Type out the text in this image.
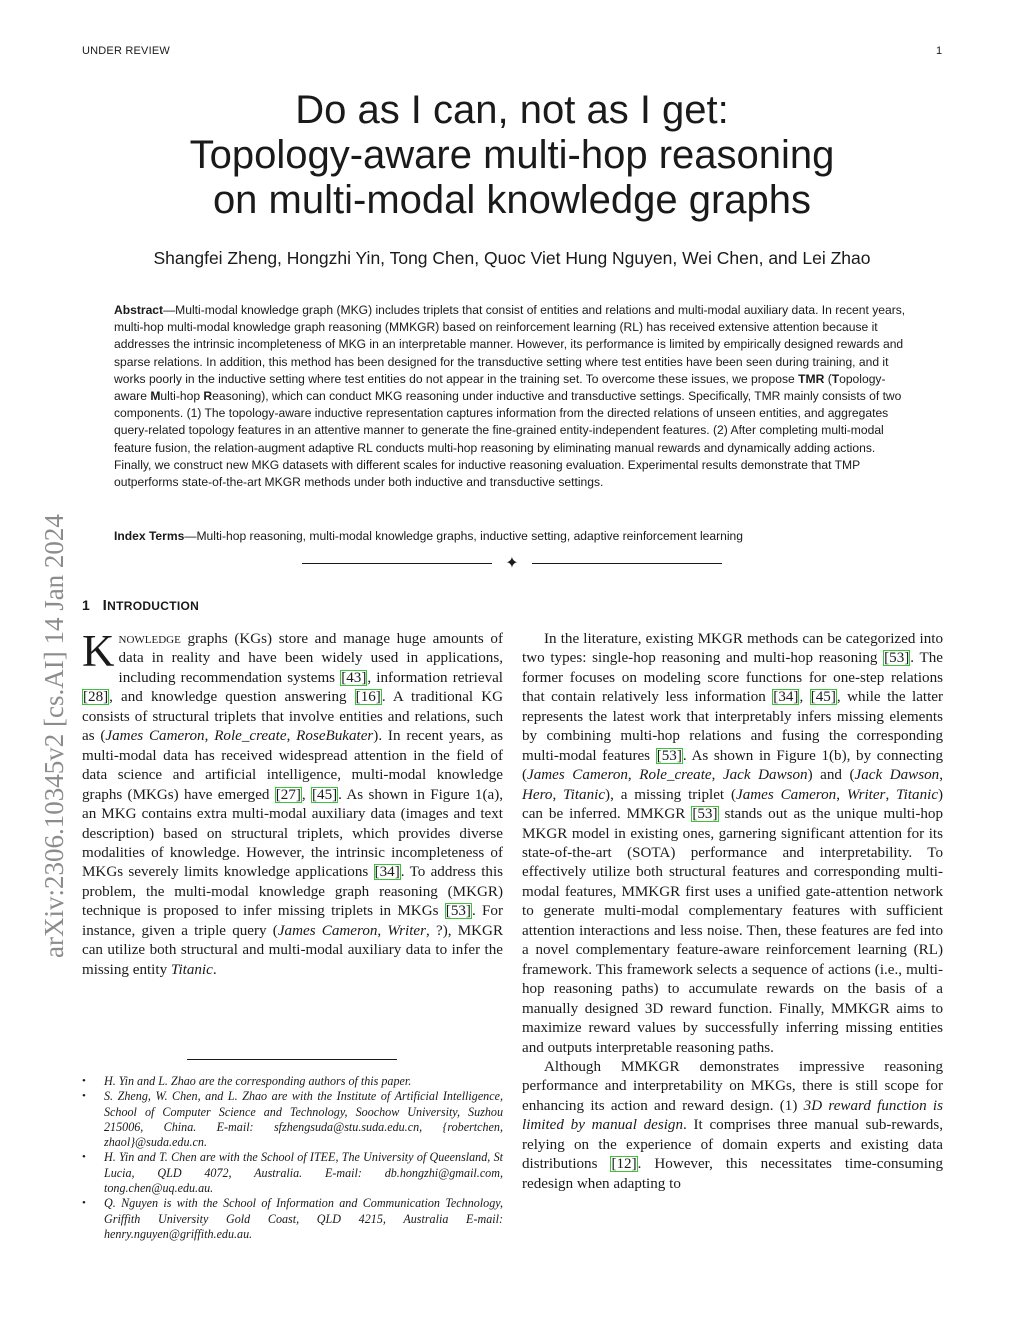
UNDER REVIEW	1
arXiv:2306.10345v2 [cs.AI] 14 Jan 2024
Do as I can, not as I get:
Topology-aware multi-hop reasoning
on multi-modal knowledge graphs
Shangfei Zheng, Hongzhi Yin, Tong Chen, Quoc Viet Hung Nguyen, Wei Chen, and Lei Zhao

Abstract—Multi-modal knowledge graph (MKG) includes triplets that consist of entities and relations and multi-modal auxiliary data. In recent years, multi-hop multi-modal knowledge graph reasoning (MMKGR) based on reinforcement learning (RL) has received extensive attention because it addresses the intrinsic incompleteness of MKG in an interpretable manner. However, its performance is limited by empirically designed rewards and sparse relations. In addition, this method has been designed for the transductive setting where test entities have been seen during training, and it works poorly in the inductive setting where test entities do not appear in the training set. To overcome these issues, we propose TMR (Topology-aware Multi-hop Reasoning), which can conduct MKG reasoning under inductive and transductive settings. Specifically, TMR mainly consists of two components. (1) The topology-aware inductive representation captures information from the directed relations of unseen entities, and aggregates query-related topology features in an attentive manner to generate the fine-grained entity-independent features. (2) After completing multi-modal feature fusion, the relation-augment adaptive RL conducts multi-hop reasoning by eliminating manual rewards and dynamically adding actions. Finally, we construct new MKG datasets with different scales for inductive reasoning evaluation. Experimental results demonstrate that TMP outperforms state-of-the-art MKGR methods under both inductive and transductive settings.

Index Terms—Multi-hop reasoning, multi-modal knowledge graphs, inductive setting, adaptive reinforcement learning

✦
1 INTRODUCTION

Knowledge graphs (KGs) store and manage huge amounts of data in reality and have been widely used in applications, including recommendation systems [43], information retrieval [28], and knowledge question answering [16]. A traditional KG consists of structural triplets that involve entities and relations, such as (James Cameron, Role_create, RoseBukater). In recent years, as multi-modal data has received widespread attention in the field of data science and artificial intelligence, multi-modal knowledge graphs (MKGs) have emerged [27], [45]. As shown in Figure 1(a), an MKG contains extra multi-modal auxiliary data (images and text description) based on structural triplets, which provides diverse modalities of knowledge. However, the intrinsic incompleteness of MKGs severely limits knowledge applications [34]. To address this problem, the multi-modal knowledge graph reasoning (MKGR) technique is proposed to infer missing triplets in MKGs [53]. For instance, given a triple query (James Cameron, Writer, ?), MKGR can utilize both structural and multi-modal auxiliary data to infer the missing entity Titanic.

• H. Yin and L. Zhao are the corresponding authors of this paper.
• S. Zheng, W. Chen, and L. Zhao are with the Institute of Artificial Intelligence, School of Computer Science and Technology, Soochow University, Suzhou 215006, China. E-mail: sfzhengsuda@stu.suda.edu.cn, {robertchen, zhaol}@suda.edu.cn.
• H. Yin and T. Chen are with the School of ITEE, The University of Queensland, St Lucia, QLD 4072, Australia. E-mail: db.hongzhi@gmail.com, tong.chen@uq.edu.au.
• Q. Nguyen is with the School of Information and Communication Technology, Griffith University Gold Coast, QLD 4215, Australia E-mail: henry.nguyen@griffith.edu.au.

In the literature, existing MKGR methods can be categorized into two types: single-hop reasoning and multi-hop reasoning [53]. The former focuses on modeling score functions for one-step relations that contain relatively less information [34], [45], while the latter represents the latest work that interpretably infers missing elements by combining multi-hop relations and fusing the corresponding multi-modal features [53]. As shown in Figure 1(b), by connecting (James Cameron, Role_create, Jack Dawson) and (Jack Dawson, Hero, Titanic), a missing triplet (James Cameron, Writer, Titanic) can be inferred. MMKGR [53] stands out as the unique multi-hop MKGR model in existing ones, garnering significant attention for its state-of-the-art (SOTA) performance and interpretability. To effectively utilize both structural features and corresponding multi-modal features, MMKGR first uses a unified gate-attention network to generate multi-modal complementary features with sufficient attention interactions and less noise. Then, these features are fed into a novel complementary feature-aware reinforcement learning (RL) framework. This framework selects a sequence of actions (i.e., multi-hop reasoning paths) to accumulate rewards on the basis of a manually designed 3D reward function. Finally, MMKGR aims to maximize reward values by successfully inferring missing entities and outputs interpretable reasoning paths.

Although MMKGR demonstrates impressive reasoning performance and interpretability on MKGs, there is still scope for enhancing its action and reward design. (1) 3D reward function is limited by manual design. It comprises three manual sub-rewards, relying on the experience of domain experts and existing data distributions [12]. However, this necessitates time-consuming redesign when adapting to
